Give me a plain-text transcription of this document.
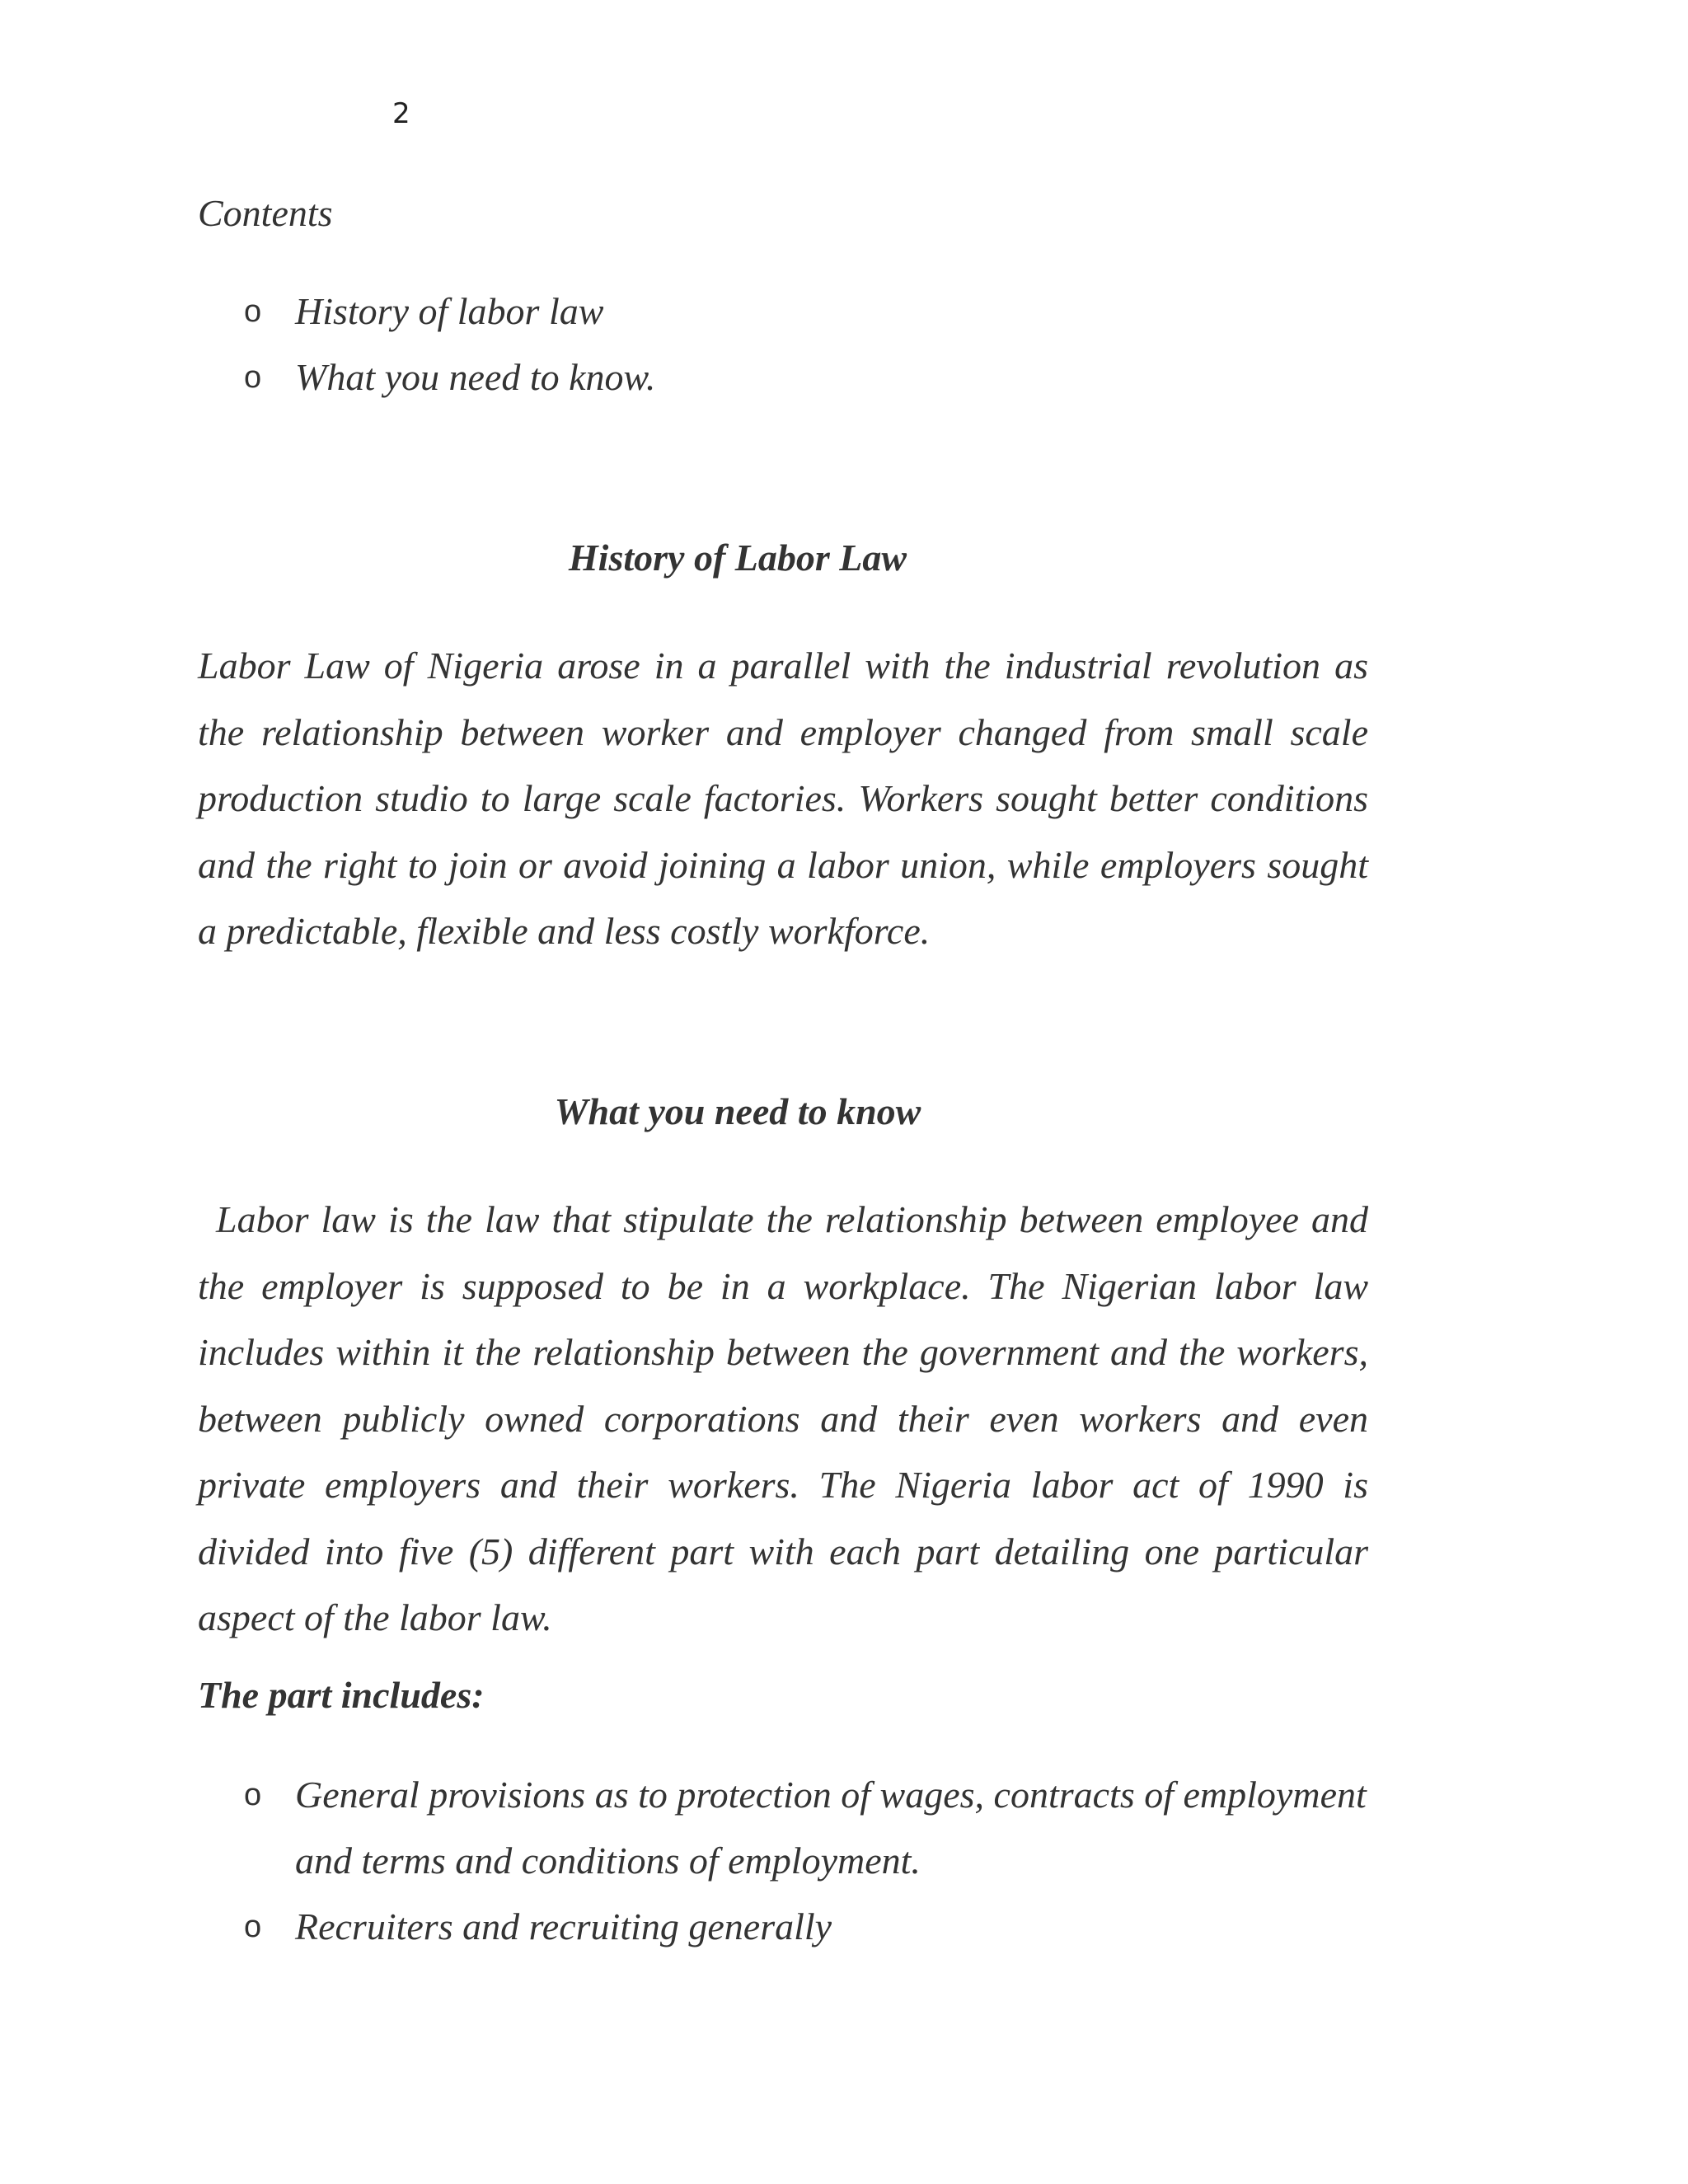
2
Contents
o History of labor law
o What you need to know.
History of Labor Law

Labor Law of Nigeria arose in a parallel with the industrial revolution as the relationship between worker and employer changed from small scale production studio to large scale factories. Workers sought better conditions and the right to join or avoid joining a labor union, while employers sought a predictable, flexible and less costly workforce.

What you need to know

Labor law is the law that stipulate the relationship between employee and the employer is supposed to be in a workplace. The Nigerian labor law includes within it the relationship between the government and the workers, between publicly owned corporations and their even workers and even private employers and their workers. The Nigeria labor act of 1990 is divided into five (5) different part with each part detailing one particular aspect of the labor law.

The part includes:
o General provisions as to protection of wages, contracts of employment and terms and conditions of employment.
o Recruiters and recruiting generally
